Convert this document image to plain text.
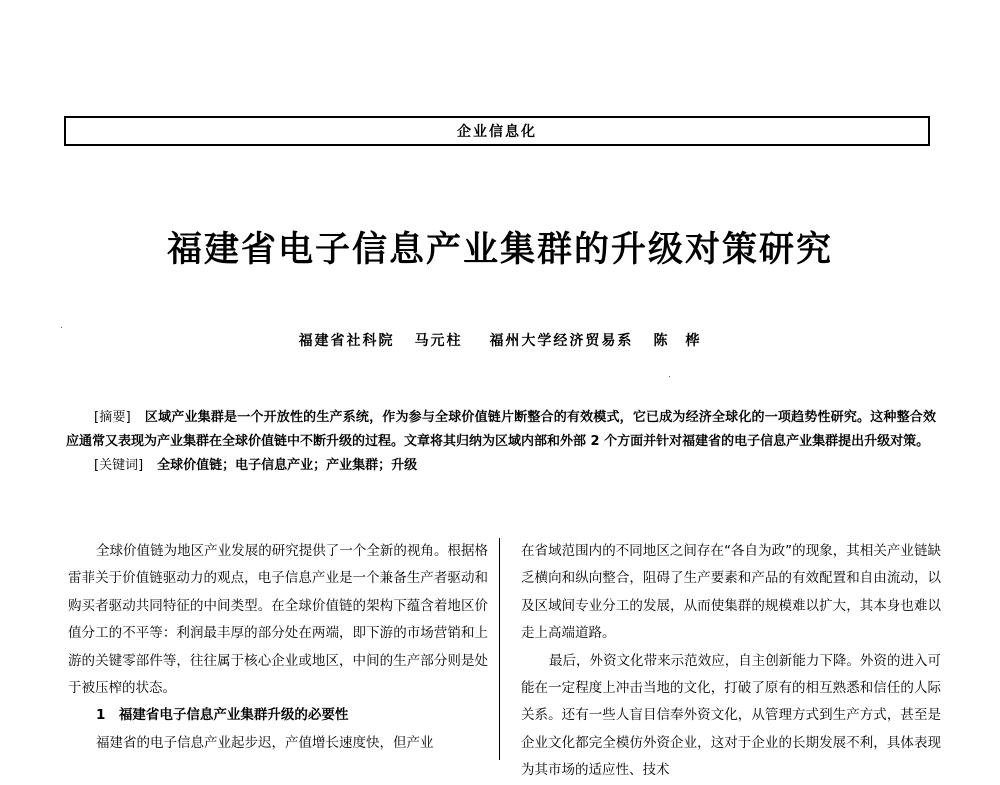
企业信息化
福建省电子信息产业集群的升级对策研究
福建省社科院 马元柱 福州大学经济贸易系 陈　桦

[摘要] 区域产业集群是一个开放性的生产系统，作为参与全球价值链片断整合的有效模式，它已成为经济全球化的一项趋势性研究。这种整合效应通常又表现为产业集群在全球价值链中不断升级的过程。文章将其归纳为区域内部和外部 2 个方面并针对福建省的电子信息产业集群提出升级对策。

[关键词] 全球价值链；电子信息产业；产业集群；升级

全球价值链为地区产业发展的研究提供了一个全新的视角。根据格雷菲关于价值链驱动力的观点，电子信息产业是一个兼备生产者驱动和购买者驱动共同特征的中间类型。在全球价值链的架构下蕴含着地区价值分工的不平等：利润最丰厚的部分处在两端，即下游的市场营销和上游的关键零部件等，往往属于核心企业或地区，中间的生产部分则是处于被压榨的状态。

1　福建省电子信息产业集群升级的必要性

福建省的电子信息产业起步迟，产值增长速度快，但产业

在省域范围内的不同地区之间存在“各自为政”的现象，其相关产业链缺乏横向和纵向整合，阻碍了生产要素和产品的有效配置和自由流动，以及区域间专业分工的发展，从而使集群的规模难以扩大，其本身也难以走上高端道路。

最后，外资文化带来示范效应，自主创新能力下降。外资的进入可能在一定程度上冲击当地的文化，打破了原有的相互熟悉和信任的人际关系。还有一些人盲目信奉外资文化，从管理方式到生产方式，甚至是企业文化都完全模仿外资企业，这对于企业的长期发展不利，具体表现为其市场的适应性、技术
